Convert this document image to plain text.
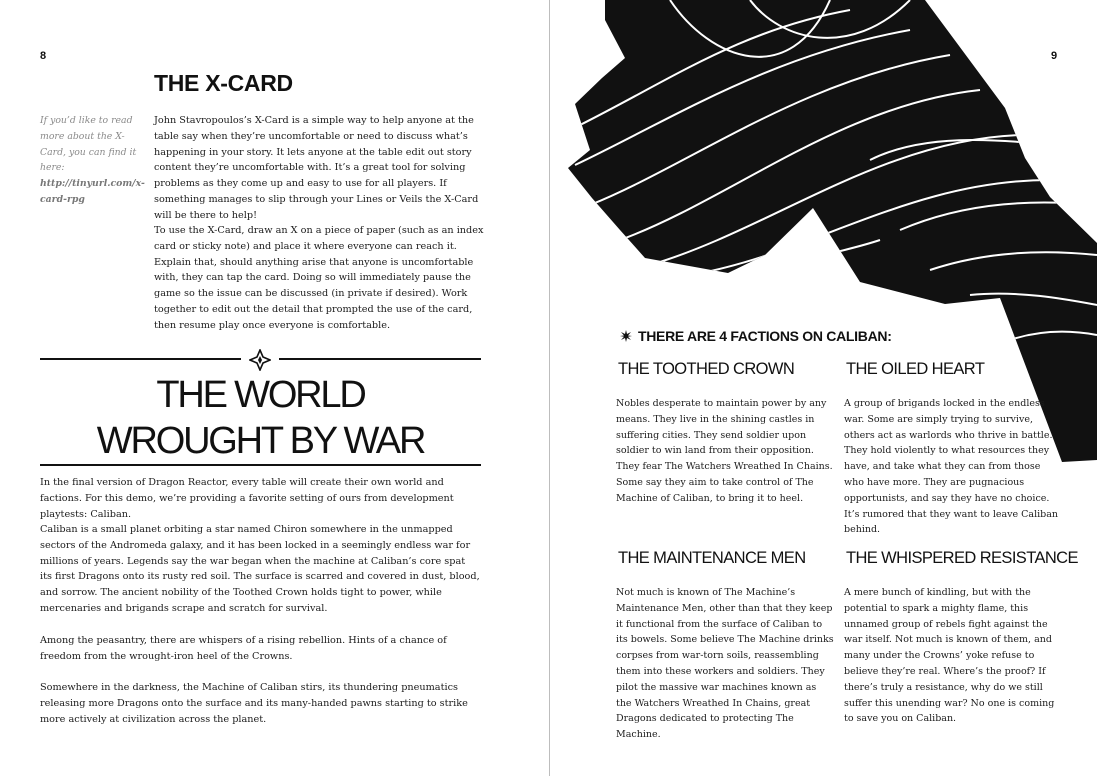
8
THE X-CARD

If you’d like to read more about the X-Card, you can find it here: http://tinyurl.com/x-card-rpg

John Stavropoulos’s X-Card is a simple way to help anyone at the table say when they’re uncomfortable or need to discuss what’s happening in your story. It lets anyone at the table edit out story content they’re uncomfortable with. It’s a great tool for solving problems as they come up and easy to use for all players. If something manages to slip through your Lines or Veils the X-Card will be there to help!

To use the X-Card, draw an X on a piece of paper (such as an index card or sticky note) and place it where everyone can reach it. Explain that, should anything arise that anyone is uncomfortable with, they can tap the card. Doing so will immediately pause the game so the issue can be discussed (in private if desired). Work together to edit out the detail that prompted the use of the card, then resume play once everyone is comfortable.

THE WORLD
WROUGHT BY WAR

In the final version of Dragon Reactor, every table will create their own world and factions. For this demo, we’re providing a favorite setting of ours from development playtests: Caliban.

Caliban is a small planet orbiting a star named Chiron somewhere in the unmapped sectors of the Andromeda galaxy, and it has been locked in a seemingly endless war for millions of years. Legends say the war began when the machine at Caliban’s core spat its first Dragons onto its rusty red soil. The surface is scarred and covered in dust, blood, and sorrow. The ancient nobility of the Toothed Crown holds tight to power, while mercenaries and brigands scrape and scratch for survival.

Among the peasantry, there are whispers of a rising rebellion. Hints of a chance of freedom from the wrought-iron heel of the Crowns.

Somewhere in the darkness, the Machine of Caliban stirs, its thundering pneumatics releasing more Dragons onto the surface and its many-handed pawns starting to strike more actively at civilization across the planet.

9
THERE ARE 4 FACTIONS ON CALIBAN:
THE TOOTHED CROWN

Nobles desperate to maintain power by any means. They live in the shining castles in suffering cities. They send soldier upon soldier to win land from their opposition. They fear The Watchers Wreathed In Chains. Some say they aim to take control of The Machine of Caliban, to bring it to heel.

THE OILED HEART

A group of brigands locked in the endless war. Some are simply trying to survive, others act as warlords who thrive in battle. They hold violently to what resources they have, and take what they can from those who have more. They are pugnacious opportunists, and say they have no choice. It’s rumored that they want to leave Caliban behind.

THE MAINTENANCE MEN

Not much is known of The Machine’s Maintenance Men, other than that they keep it functional from the surface of Caliban to its bowels. Some believe The Machine drinks corpses from war-torn soils, reassembling them into these workers and soldiers. They pilot the massive war machines known as the Watchers Wreathed In Chains, great Dragons dedicated to protecting The Machine.

THE WHISPERED RESISTANCE

A mere bunch of kindling, but with the potential to spark a mighty flame, this unnamed group of rebels fight against the war itself. Not much is known of them, and many under the Crowns’ yoke refuse to believe they’re real. Where’s the proof? If there’s truly a resistance, why do we still suffer this unending war? No one is coming to save you on Caliban.
